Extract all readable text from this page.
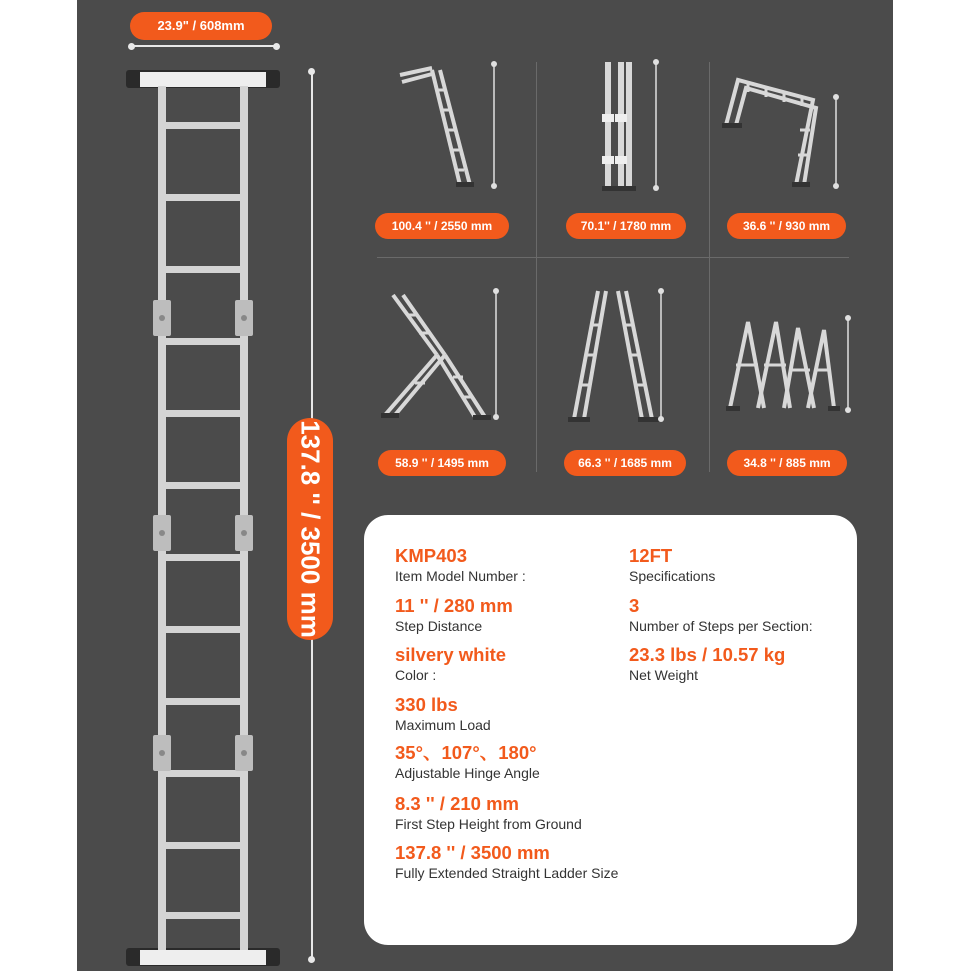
23.9" / 608mm
137.8 '' / 3500 mm
100.4 '' / 2550 mm	70.1'' / 1780 mm	36.6 '' / 930 mm
58.9 '' / 1495 mm	66.3 '' / 1685 mm	34.8 '' / 885 mm
KMP403
Item Model Number :
11 '' / 280 mm
Step Distance
silvery white
Color :
330 lbs
Maximum Load
35°、107°、180°
Adjustable Hinge Angle
8.3 '' / 210 mm
First Step Height from Ground
137.8 '' / 3500 mm
Fully Extended Straight Ladder Size
12FT
Specifications
3
Number of Steps per Section:
23.3 lbs / 10.57 kg
Net Weight
